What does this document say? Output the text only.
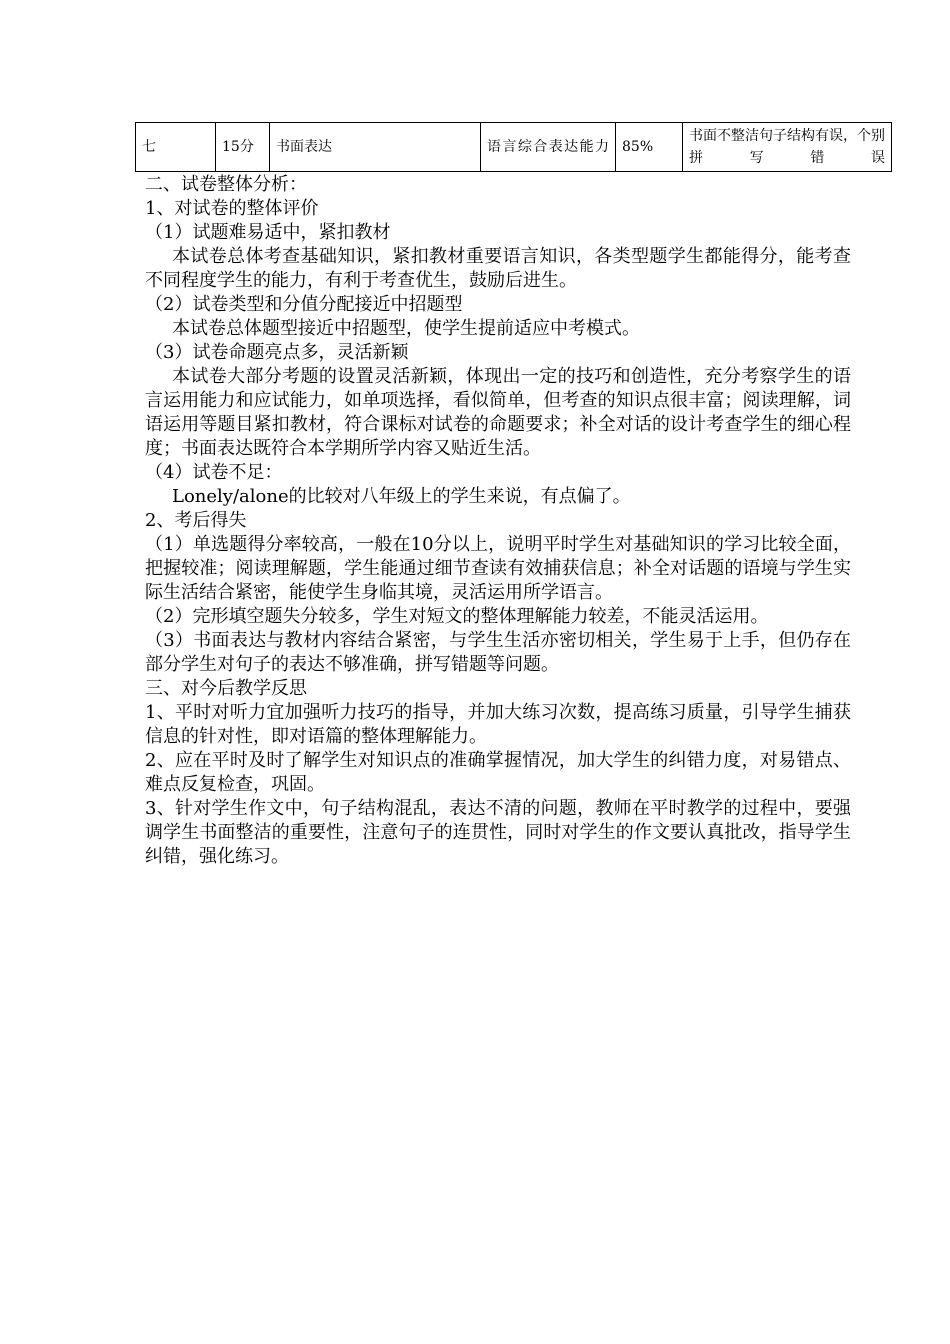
七	15分	书面表达	语言综合表达能力	85%	书面不整洁句子结构有误，个别拼写错误

二、试卷整体分析：

1、对试卷的整体评价

（1）试题难易适中，紧扣教材

本试卷总体考查基础知识，紧扣教材重要语言知识，各类型题学生都能得分，能考查不同程度学生的能力，有利于考查优生，鼓励后进生。

（2）试卷类型和分值分配接近中招题型

本试卷总体题型接近中招题型，使学生提前适应中考模式。

（3）试卷命题亮点多，灵活新颖

本试卷大部分考题的设置灵活新颖，体现出一定的技巧和创造性，充分考察学生的语言运用能力和应试能力，如单项选择，看似简单，但考查的知识点很丰富；阅读理解，词语运用等题目紧扣教材，符合课标对试卷的命题要求；补全对话的设计考查学生的细心程度；书面表达既符合本学期所学内容又贴近生活。

（4）试卷不足：

Lonely/alone的比较对八年级上的学生来说，有点偏了。

2、考后得失

（1）单选题得分率较高，一般在10分以上，说明平时学生对基础知识的学习比较全面，把握较准；阅读理解题，学生能通过细节查读有效捕获信息；补全对话题的语境与学生实际生活结合紧密，能使学生身临其境，灵活运用所学语言。

（2）完形填空题失分较多，学生对短文的整体理解能力较差，不能灵活运用。

（3）书面表达与教材内容结合紧密，与学生生活亦密切相关，学生易于上手，但仍存在部分学生对句子的表达不够准确，拼写错题等问题。

三、对今后教学反思

1、平时对听力宜加强听力技巧的指导，并加大练习次数，提高练习质量，引导学生捕获信息的针对性，即对语篇的整体理解能力。

2、应在平时及时了解学生对知识点的准确掌握情况，加大学生的纠错力度，对易错点、难点反复检查，巩固。

3、针对学生作文中，句子结构混乱，表达不清的问题，教师在平时教学的过程中，要强调学生书面整洁的重要性，注意句子的连贯性，同时对学生的作文要认真批改，指导学生纠错，强化练习。
